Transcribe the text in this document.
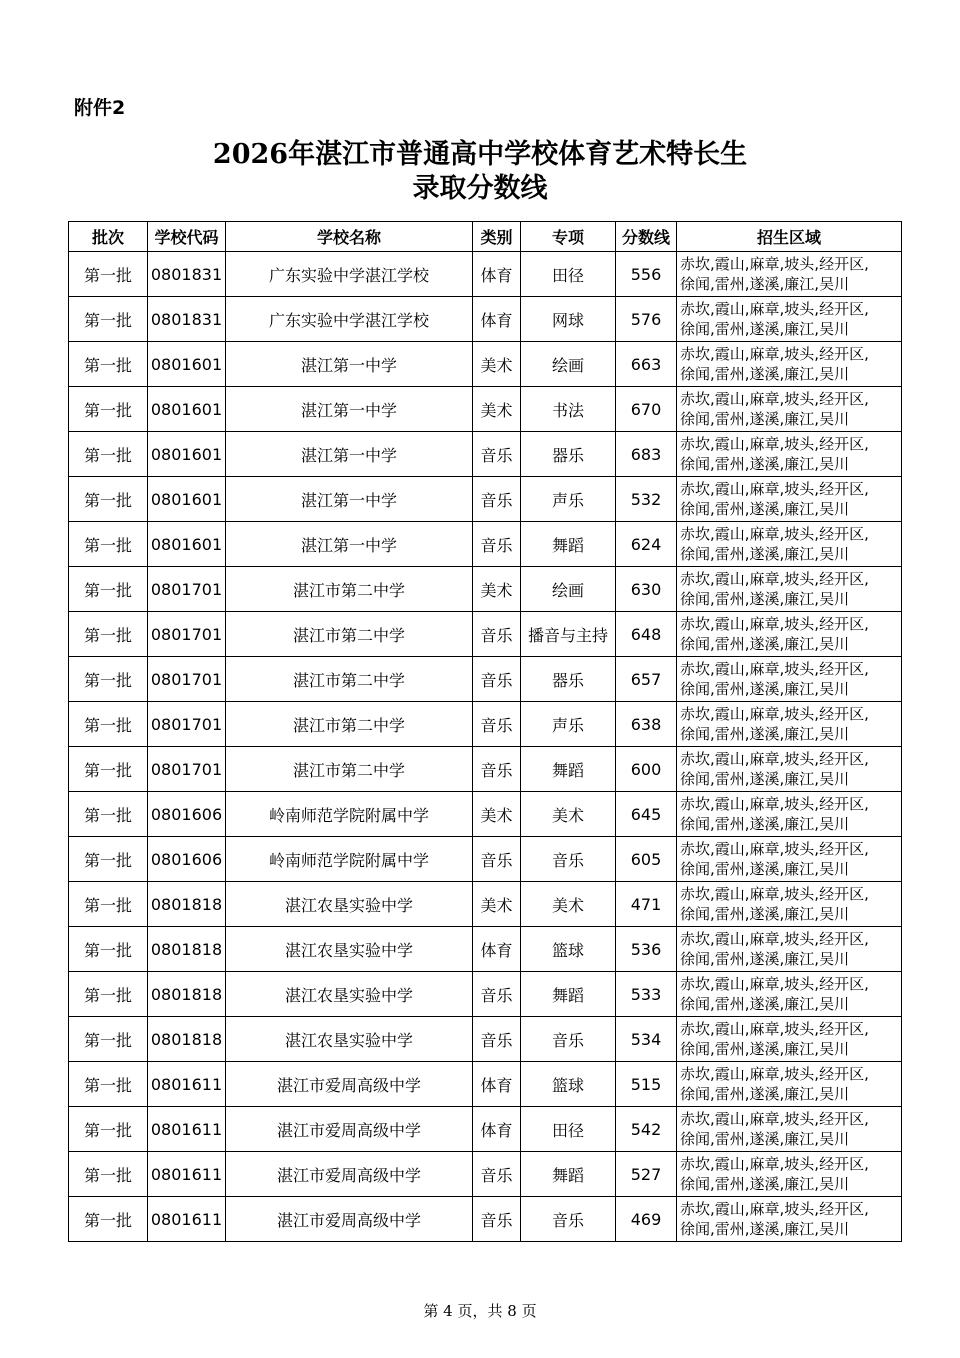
附件2
2026年湛江市普通高中学校体育艺术特长生
录取分数线
批次	学校代码	学校名称	类别	专项	分数线	招生区域
第一批	0801831	广东实验中学湛江学校	体育	田径	556	赤坎,霞山,麻章,坡头,经开区,
徐闻,雷州,遂溪,廉江,吴川

第一批	0801831	广东实验中学湛江学校	体育	网球	576	赤坎,霞山,麻章,坡头,经开区,
徐闻,雷州,遂溪,廉江,吴川

第一批	0801601	湛江第一中学	美术	绘画	663	赤坎,霞山,麻章,坡头,经开区,
徐闻,雷州,遂溪,廉江,吴川

第一批	0801601	湛江第一中学	美术	书法	670	赤坎,霞山,麻章,坡头,经开区,
徐闻,雷州,遂溪,廉江,吴川

第一批	0801601	湛江第一中学	音乐	器乐	683	赤坎,霞山,麻章,坡头,经开区,
徐闻,雷州,遂溪,廉江,吴川

第一批	0801601	湛江第一中学	音乐	声乐	532	赤坎,霞山,麻章,坡头,经开区,
徐闻,雷州,遂溪,廉江,吴川

第一批	0801601	湛江第一中学	音乐	舞蹈	624	赤坎,霞山,麻章,坡头,经开区,
徐闻,雷州,遂溪,廉江,吴川

第一批	0801701	湛江市第二中学	美术	绘画	630	赤坎,霞山,麻章,坡头,经开区,
徐闻,雷州,遂溪,廉江,吴川

第一批	0801701	湛江市第二中学	音乐	播音与主持	648	赤坎,霞山,麻章,坡头,经开区,
徐闻,雷州,遂溪,廉江,吴川

第一批	0801701	湛江市第二中学	音乐	器乐	657	赤坎,霞山,麻章,坡头,经开区,
徐闻,雷州,遂溪,廉江,吴川

第一批	0801701	湛江市第二中学	音乐	声乐	638	赤坎,霞山,麻章,坡头,经开区,
徐闻,雷州,遂溪,廉江,吴川

第一批	0801701	湛江市第二中学	音乐	舞蹈	600	赤坎,霞山,麻章,坡头,经开区,
徐闻,雷州,遂溪,廉江,吴川

第一批	0801606	岭南师范学院附属中学	美术	美术	645	赤坎,霞山,麻章,坡头,经开区,
徐闻,雷州,遂溪,廉江,吴川

第一批	0801606	岭南师范学院附属中学	音乐	音乐	605	赤坎,霞山,麻章,坡头,经开区,
徐闻,雷州,遂溪,廉江,吴川

第一批	0801818	湛江农垦实验中学	美术	美术	471	赤坎,霞山,麻章,坡头,经开区,
徐闻,雷州,遂溪,廉江,吴川

第一批	0801818	湛江农垦实验中学	体育	篮球	536	赤坎,霞山,麻章,坡头,经开区,
徐闻,雷州,遂溪,廉江,吴川

第一批	0801818	湛江农垦实验中学	音乐	舞蹈	533	赤坎,霞山,麻章,坡头,经开区,
徐闻,雷州,遂溪,廉江,吴川

第一批	0801818	湛江农垦实验中学	音乐	音乐	534	赤坎,霞山,麻章,坡头,经开区,
徐闻,雷州,遂溪,廉江,吴川

第一批	0801611	湛江市爱周高级中学	体育	篮球	515	赤坎,霞山,麻章,坡头,经开区,
徐闻,雷州,遂溪,廉江,吴川

第一批	0801611	湛江市爱周高级中学	体育	田径	542	赤坎,霞山,麻章,坡头,经开区,
徐闻,雷州,遂溪,廉江,吴川

第一批	0801611	湛江市爱周高级中学	音乐	舞蹈	527	赤坎,霞山,麻章,坡头,经开区,
徐闻,雷州,遂溪,廉江,吴川

第一批	0801611	湛江市爱周高级中学	音乐	音乐	469	赤坎,霞山,麻章,坡头,经开区,
徐闻,雷州,遂溪,廉江,吴川
第 4 页，共 8 页
